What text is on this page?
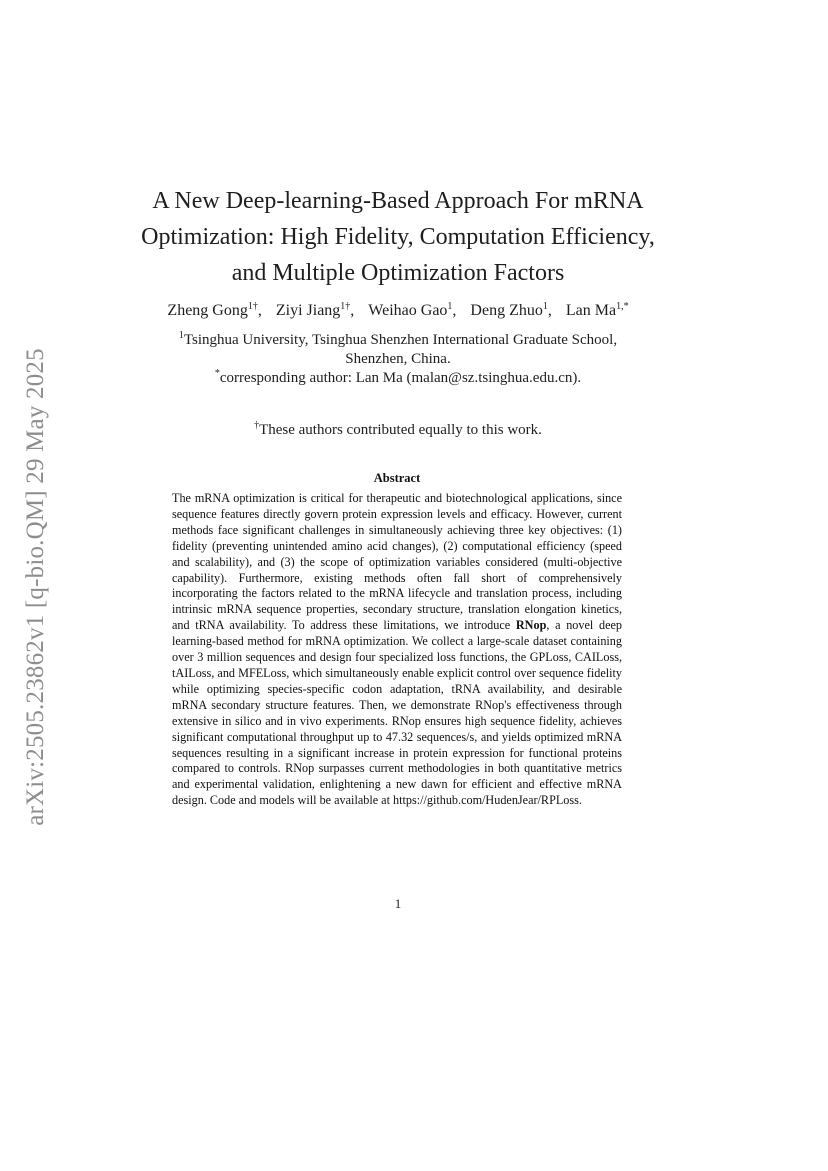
arXiv:2505.23862v1 [q-bio.QM] 29 May 2025
A New Deep-learning-Based Approach For mRNA Optimization: High Fidelity, Computation Efficiency, and Multiple Optimization Factors
Zheng Gong$^{1\dagger}$, Ziyi Jiang$^{1\dagger}$, Weihao Gao$^1$, Deng Zhuo$^1$, Lan $Ma^{1,*}$
$^1$Tsinghua University, Tsinghua Shenzhen International Graduate School, Shenzhen, China.
*corresponding author: Lan Ma (malan@sz.tsinghua.edu.cn).
†These authors contributed equally to this work.
Abstract

The mRNA optimization is critical for therapeutic and biotechnological applications, since sequence features directly govern protein expression levels and efficacy. However, current methods face significant challenges in simultaneously achieving three key objectives: (1) fidelity (preventing unintended amino acid changes), (2) computational efficiency (speed and scalability), and (3) the scope of optimization variables considered (multi-objective capability). Furthermore, existing methods often fall short of comprehensively incorporating the factors related to the mRNA lifecycle and translation process, including intrinsic mRNA sequence properties, secondary structure, translation elongation kinetics, and tRNA availability. To address these limitations, we introduce RNop, a novel deep learning-based method for mRNA optimization. We collect a large-scale dataset containing over 3 million sequences and design four specialized loss functions, the GPLoss, CAILoss, tAILoss, and MFELoss, which simultaneously enable explicit control over sequence fidelity while optimizing species-specific codon adaptation, tRNA availability, and desirable mRNA secondary structure features. Then, we demonstrate RNop's effectiveness through extensive in silico and in vivo experiments. RNop ensures high sequence fidelity, achieves significant computational throughput up to 47.32 sequences/s, and yields optimized mRNA sequences resulting in a significant increase in protein expression for functional proteins compared to controls. RNop surpasses current methodologies in both quantitative metrics and experimental validation, enlightening a new dawn for efficient and effective mRNA design. Code and models will be available at https://github.com/HudenJear/RPLoss.

1
